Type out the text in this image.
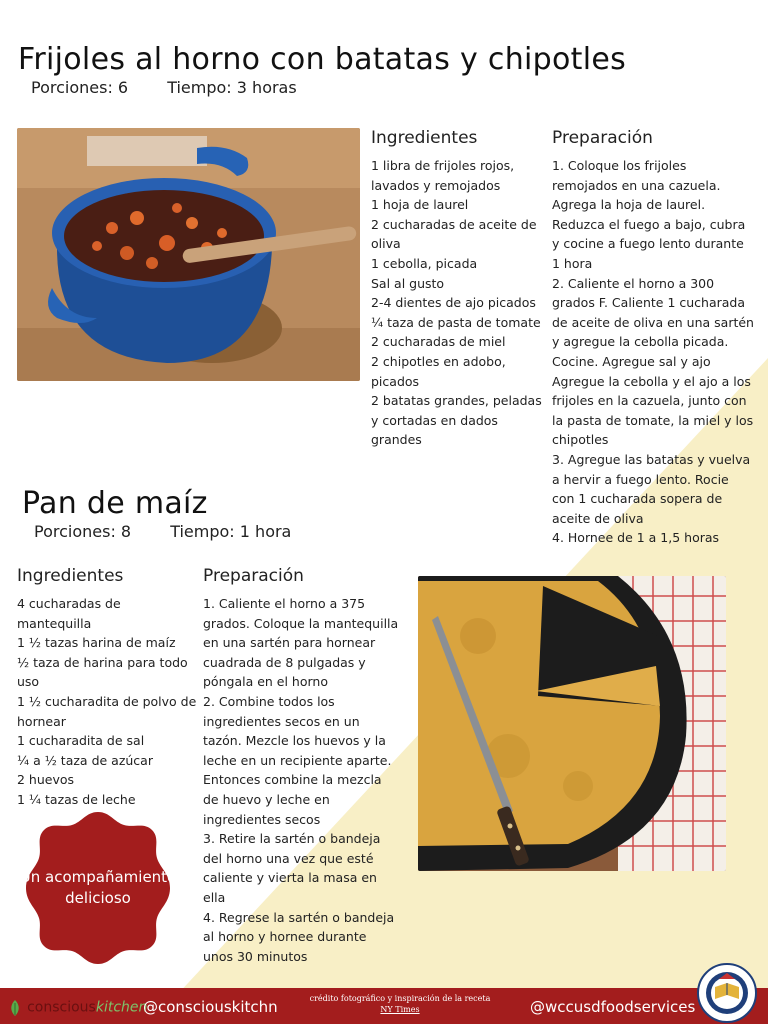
Frijoles al horno con batatas y chipotles
Porciones: 6 Tiempo: 3 horas
Ingredientes
1 libra de frijoles rojos, lavados y remojados
1 hoja de laurel
2 cucharadas de aceite de oliva
1 cebolla, picada
Sal al gusto
2-4 dientes de ajo picados
¼ taza de pasta de tomate
2 cucharadas de miel
2 chipotles en adobo, picados
2 batatas grandes, peladas y cortadas en dados grandes
Preparación
1. Coloque los frijoles remojados en una cazuela. Agrega la hoja de laurel. Reduzca el fuego a bajo, cubra y cocine a fuego lento durante 1 hora
2. Caliente el horno a 300 grados F. Caliente 1 cucharada de aceite de oliva en una sartén y agregue la cebolla picada. Cocine. Agregue sal y ajo Agregue la cebolla y el ajo a los frijoles en la cazuela, junto con la pasta de tomate, la miel y los chipotles
3. Agregue las batatas y vuelva a hervir a fuego lento. Rocie con 1 cucharada sopera de aceite de oliva
4. Hornee de 1 a 1,5 horas
Pan de maíz
Porciones: 8 Tiempo: 1 hora
Ingredientes
4 cucharadas de mantequilla
1 ½ tazas harina de maíz
½ taza de harina para todo uso
1 ½ cucharadita de polvo de hornear
1 cucharadita de sal
¼ a ½ taza de azúcar
2 huevos
1 ¼ tazas de leche
Preparación
1. Caliente el horno a 375 grados. Coloque la mantequilla en una sartén para hornear cuadrada de 8 pulgadas y póngala en el horno
2. Combine todos los ingredientes secos en un tazón. Mezcle los huevos y la leche en un recipiente aparte. Entonces combine la mezcla de huevo y leche en ingredientes secos
3. Retire la sartén o bandeja del horno una vez que esté caliente y vierta la masa en ella
4. Regrese la sartén o bandeja al horno y hornee durante unos 30 minutos
Un acompañamiento delicioso
consciouskitchen
@consciouskitchn	@wccusdfoodservices
crédito fotográfico y inspiración de la receta
NY Times
